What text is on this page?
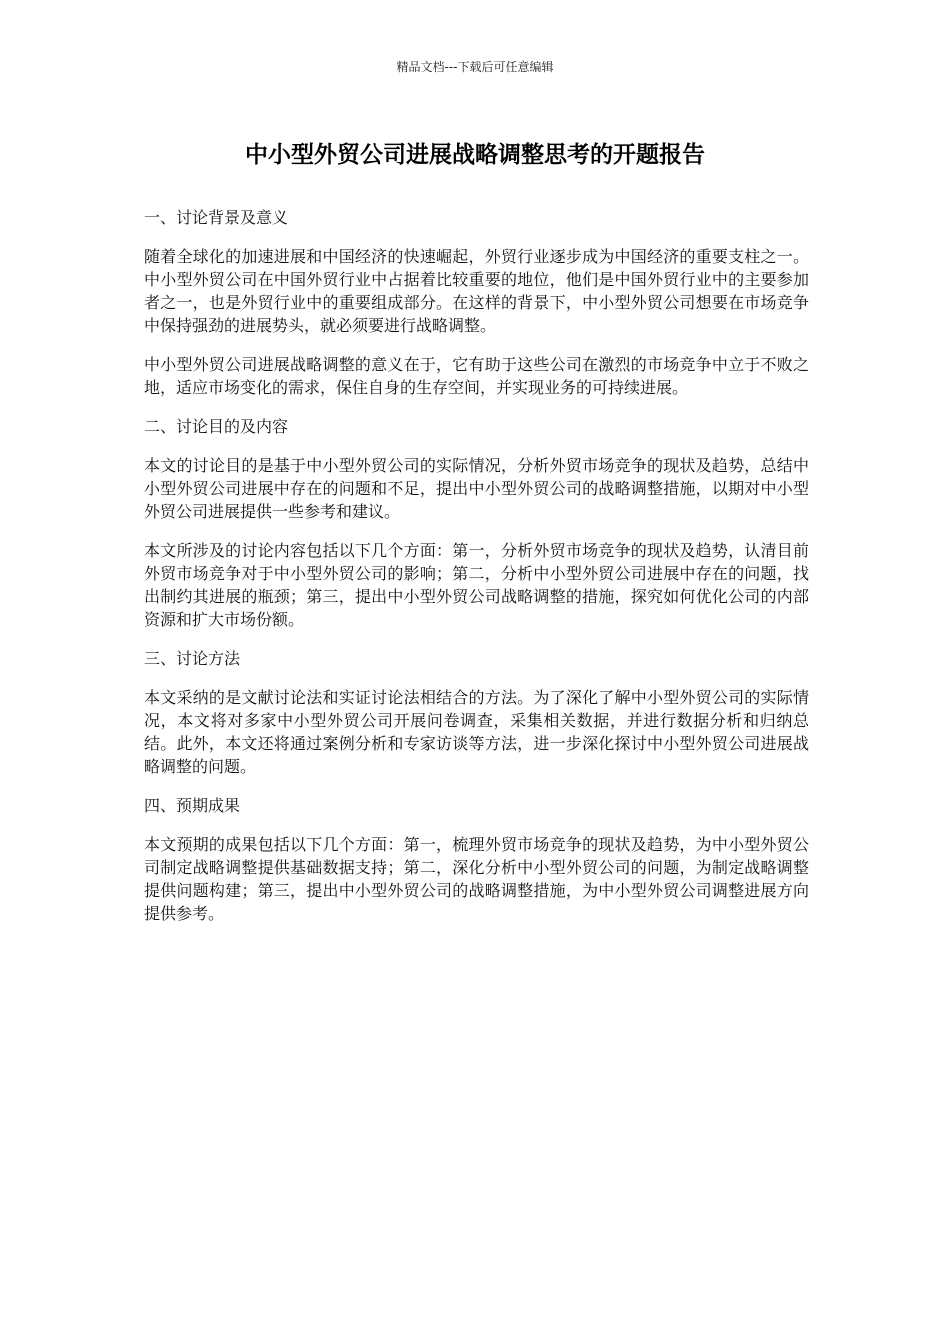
精品文档---下载后可任意编辑
中小型外贸公司进展战略调整思考的开题报告

一、讨论背景及意义

随着全球化的加速进展和中国经济的快速崛起，外贸行业逐步成为中国经济的重要支柱之一。中小型外贸公司在中国外贸行业中占据着比较重要的地位，他们是中国外贸行业中的主要参加者之一，也是外贸行业中的重要组成部分。在这样的背景下，中小型外贸公司想要在市场竞争中保持强劲的进展势头，就必须要进行战略调整。

中小型外贸公司进展战略调整的意义在于，它有助于这些公司在激烈的市场竞争中立于不败之地，适应市场变化的需求，保住自身的生存空间，并实现业务的可持续进展。

二、讨论目的及内容

本文的讨论目的是基于中小型外贸公司的实际情况，分析外贸市场竞争的现状及趋势，总结中小型外贸公司进展中存在的问题和不足，提出中小型外贸公司的战略调整措施，以期对中小型外贸公司进展提供一些参考和建议。

本文所涉及的讨论内容包括以下几个方面：第一，分析外贸市场竞争的现状及趋势，认清目前外贸市场竞争对于中小型外贸公司的影响；第二，分析中小型外贸公司进展中存在的问题，找出制约其进展的瓶颈；第三，提出中小型外贸公司战略调整的措施，探究如何优化公司的内部资源和扩大市场份额。

三、讨论方法

本文采纳的是文献讨论法和实证讨论法相结合的方法。为了深化了解中小型外贸公司的实际情况，本文将对多家中小型外贸公司开展问卷调查，采集相关数据，并进行数据分析和归纳总结。此外，本文还将通过案例分析和专家访谈等方法，进一步深化探讨中小型外贸公司进展战略调整的问题。

四、预期成果

本文预期的成果包括以下几个方面：第一，梳理外贸市场竞争的现状及趋势，为中小型外贸公司制定战略调整提供基础数据支持；第二，深化分析中小型外贸公司的问题，为制定战略调整提供问题构建；第三，提出中小型外贸公司的战略调整措施，为中小型外贸公司调整进展方向提供参考。
